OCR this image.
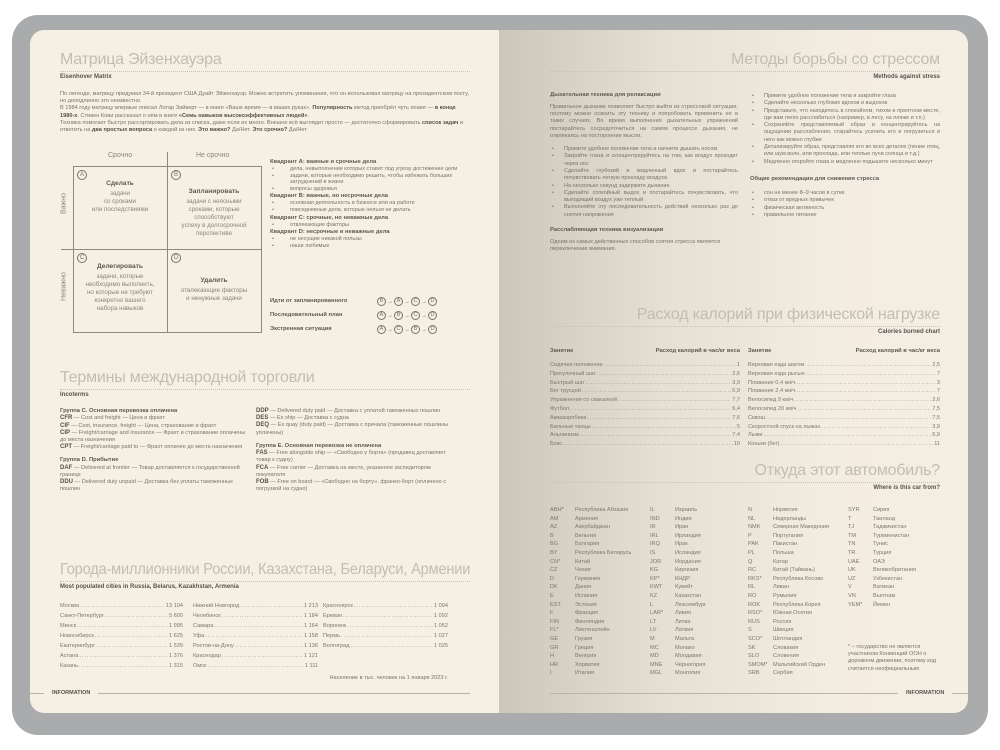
Матрица Эйзенхауэра
Eisenhover Matrix
По легенде, матрицу придумал 34-й президент США Дуайт Эйзенхауэр. Можно встретить упоминания, что он использовал матрицу на президентском посту, но доподлинно это неизвестно.
В 1984 году матрицу впервые описал Лотар Зайверт — в книге «Ваше время — в ваших руках». Популярность метод приобрёл чуть позже — в конце 1980-х. Стивен Кови рассказал о нём в книге «Семь навыков высокоэффективных людей».
Техника помогает быстро рассортировать дела из списка, даже если их много. Внешне всё выглядит просто — достаточно сформировать список задач и ответить на два простых вопроса о каждой из них. Это важно? Да/Нет. Это срочно? Да/Нет
Срочно	Не срочно
Важно
Неважно
A
Сделать
задачи
со сроками
или последствиями
B
Запланировать
задачи с неясными
сроками, которые
способствуют
успеху в долгосрочной
перспективе
C
Делегировать
задачи, которые
необходимо выполнить,
но которые не требуют
конкретно вашего
набора навыков
D
Удалить
отвлекающие факторы
и ненужные задачи
Квадрант A: важные и срочные дела
• дела, невыполнение которых ставит под угрозу достижение цели
• задачи, которые необходимо решить, чтобы избежать больших затруднений в жизни
• вопросы здоровья
Квадрант B: важные, но несрочные дела
• основная деятельность в бизнесе или на работе
• повседневные дела, которые нельзя не делать
Квадрант C: срочные, но неважные дела
• отвлекающие факторы
Квадрант D: несрочные и неважные дела
• не несущие никакой пользы
• наши любимые
Идти от запланированного	B → A → C → D
Последовательный план	A → B → C → D
Экстренная ситуация	A → C → B → D
Термины международной торговли
Incoterms
Группа C. Основная перевозка оплачена
CFR — Cost and freight — Цена и фрахт
CIF — Cost, insurance, freight — Цена, страхование и фрахт
CIP — Freight/carriage and insurance — Фрахт и страхование оплачены до места назначения
CPT — Freight/carriage paid to — Фрахт оплачен до места назначения
Группа D. Прибытие
DAF — Delivered at frontier — Товар доставляется к государственной границе
DDU — Delivered duty unpaid — Доставка без уплаты таможенных пошлин
DDP — Delivered duty paid — Доставка с уплатой таможенных пошлин
DES — Ex ship — Доставка с судна
DEQ — Ex quay (duty paid) — Доставка с причала (таможенные пошлины уплачены)
Группа E. Основная перевозка не оплачена
FAS — Free alongside ship — «Свободно у борта» (продавец доставляет товар к судну)
FCA — Free carrier — Доставка на место, указанное экспедитором покупателя
FOB — Free on board — «Свободно на борту», франко-борт (оплачено с погрузкой на судно)
Города-миллионники России, Казахстана, Беларуси, Армении
Most populated cities in Russia, Belarus, Kazakhstan, Armenia
Москва .....	13 104
Санкт-Петербург .....	5 600
Минск .....	1 995
Новосибирск .....	1 625
Екатеринбург .....	1 539
Астана .....	1 376
Казань .....	1 315
Нижний Новгород .....	1 213
Челябинск .....	1 184
Самара .....	1 164
Уфа .....	1 158
Ростов-на-Дону .....	1 136
Краснодар .....	1 121
Омск .....	1 111
Красноярск .....	1 094
Ереван .....	1 092
Воронеж .....	1 052
Пермь .....	1 027
Волгоград .....	1 025
Население в тыс. человек на 1 января 2023 г.
INFORMATION
Методы борьбы со стрессом
Methods against stress
Дыхательная техника для релаксации
Правильное дыхание позволяет быстро выйти из стрессовой ситуации, поэтому можно освоить эту технику и попробовать применить ее в таких случаях. Во время выполнения дыхательных упражнений постарайтесь сосредоточиться на самом процессе дыхания, не отвлекаясь на посторонние мысли.
• Примите удобное положение тела и начните дышать носом
• Закройте глаза и сконцентрируйтесь на том, как воздух проходит через нос
• Сделайте глубокий и медленный вдох и постарайтесь почувствовать легкую прохладу воздуха
• На несколько секунд задержите дыхание
• Сделайте спокойный выдох и постарайтесь почувствовать, что выходящий воздух уже теплый
• Выполняйте эту последовательность действий несколько раз до снятия напряжения
Расслабляющая техника визуализации
Одним из самых действенных способов снятия стресса является переключение внимания.
• Примите удобное положение тела и закройте глаза
• Сделайте несколько глубоких вдохов и выдохов
• Представьте, что находитесь в спокойном, тихом и приятном месте, где вам легко расслабиться (например, в лесу, на пляже и т.п.)
• Сохраняйте представляемый образ и концентрируйтесь на ощущении расслабления, старайтесь усилить его и погрузиться в него как можно глубже
• Детализируйте образ, представляя его во всех деталях (пение птиц, или шум волн, или прохлада, или теплые лучи солнца и т.д.)
• Медленно откройте глаза и медленно подышите несколько минут
Общие рекомендации для снижения стресса
• сон не менее 8–9 часов в сутки
• отказ от вредных привычек
• физическая активность
• правильное питание
Расход калорий при физической нагрузке
Calories burned chart
Занятие	Расход калорий в час/кг веса
Сидячее положение .....	1
Прогулочный шаг .....	2,6
Быстрый шаг .....	3,9
Бег трусцой .....	6,9
Упражнения со скакалкой .....	7,7
Футбол .....	6,4
Аквааэробика .....	7,6
Бальные танцы .....	5
Альпинизм .....	7,4
Бокс .....	10
Занятие	Расход калорий в час/кг веса
Верховая езда шагом .....	2,5
Верховая езда рысью .....	7
Плавание 0,4 км/ч .....	3
Плавание 2,4 км/ч .....	7
Велосипед 9 км/ч .....	2,6
Велосипед 20 км/ч .....	7,5
Сквош .....	7,5
Скоростной спуск на лыжах .....	3,9
Лыжи .....	6,9
Коньки (бег) .....	11
Откуда этот автомобиль?
Where is this car from?
ABH* Республика Абхазия
AM	Армения
AZ	Азербайджан
B	Бельгия
BG	Болгария
BY	Республика Беларусь
CN*	Китай
CZ	Чехия
D	Германия
DK	Дания
E	Испания
EST	Эстония
F	Франция
FIN	Финляндия
FL*	Лихтенштейн
GE	Грузия
GR	Греция
H	Венгрия
HR	Хорватия
I	Италия
IL	Израиль
IND	Индия
IR	Иран
IRL	Ирландия
IRQ	Ирак
IS	Исландия
JOR Иордания
KG	Киргизия
KP*	КНДР
KWT Кувейт
KZ	Казахстан
L	Люксембург
LAR* Ливия
LT	Литва
LV	Латвия
M	Мальта
MC	Монако
MD	Молдавия
MNE Черногория
MGL Монголия
N	Норвегия
NL	Нидерланды
NMK Северная Македония
P	Португалия
PAK	Пакистан
PL	Польша
Q	Катар
RC	Китай (Тайвань)
RKS* Республика Косово
RL	Ливан
RO	Румыния
ROK Республика Корея
RSO* Южная Осетия
RUS Россия
S	Швеция
SCO* Шотландия
SK	Словакия
SLO Словения
SMOM* Мальтийский Орден
SRB Сербия
SYR Сирия
T	Таиланд
TJ	Таджикистан
TM	Туркменистан
TN	Тунис
TR	Турция
UAE ОАЭ
UK	Великобритания
UZ	Узбекистан
V	Ватикан
VN	Вьетнам
YEM* Йемен
* – государство не является участником Конвенций ООН о дорожном движении, поэтому код считается неофициальным
INFORMATION
